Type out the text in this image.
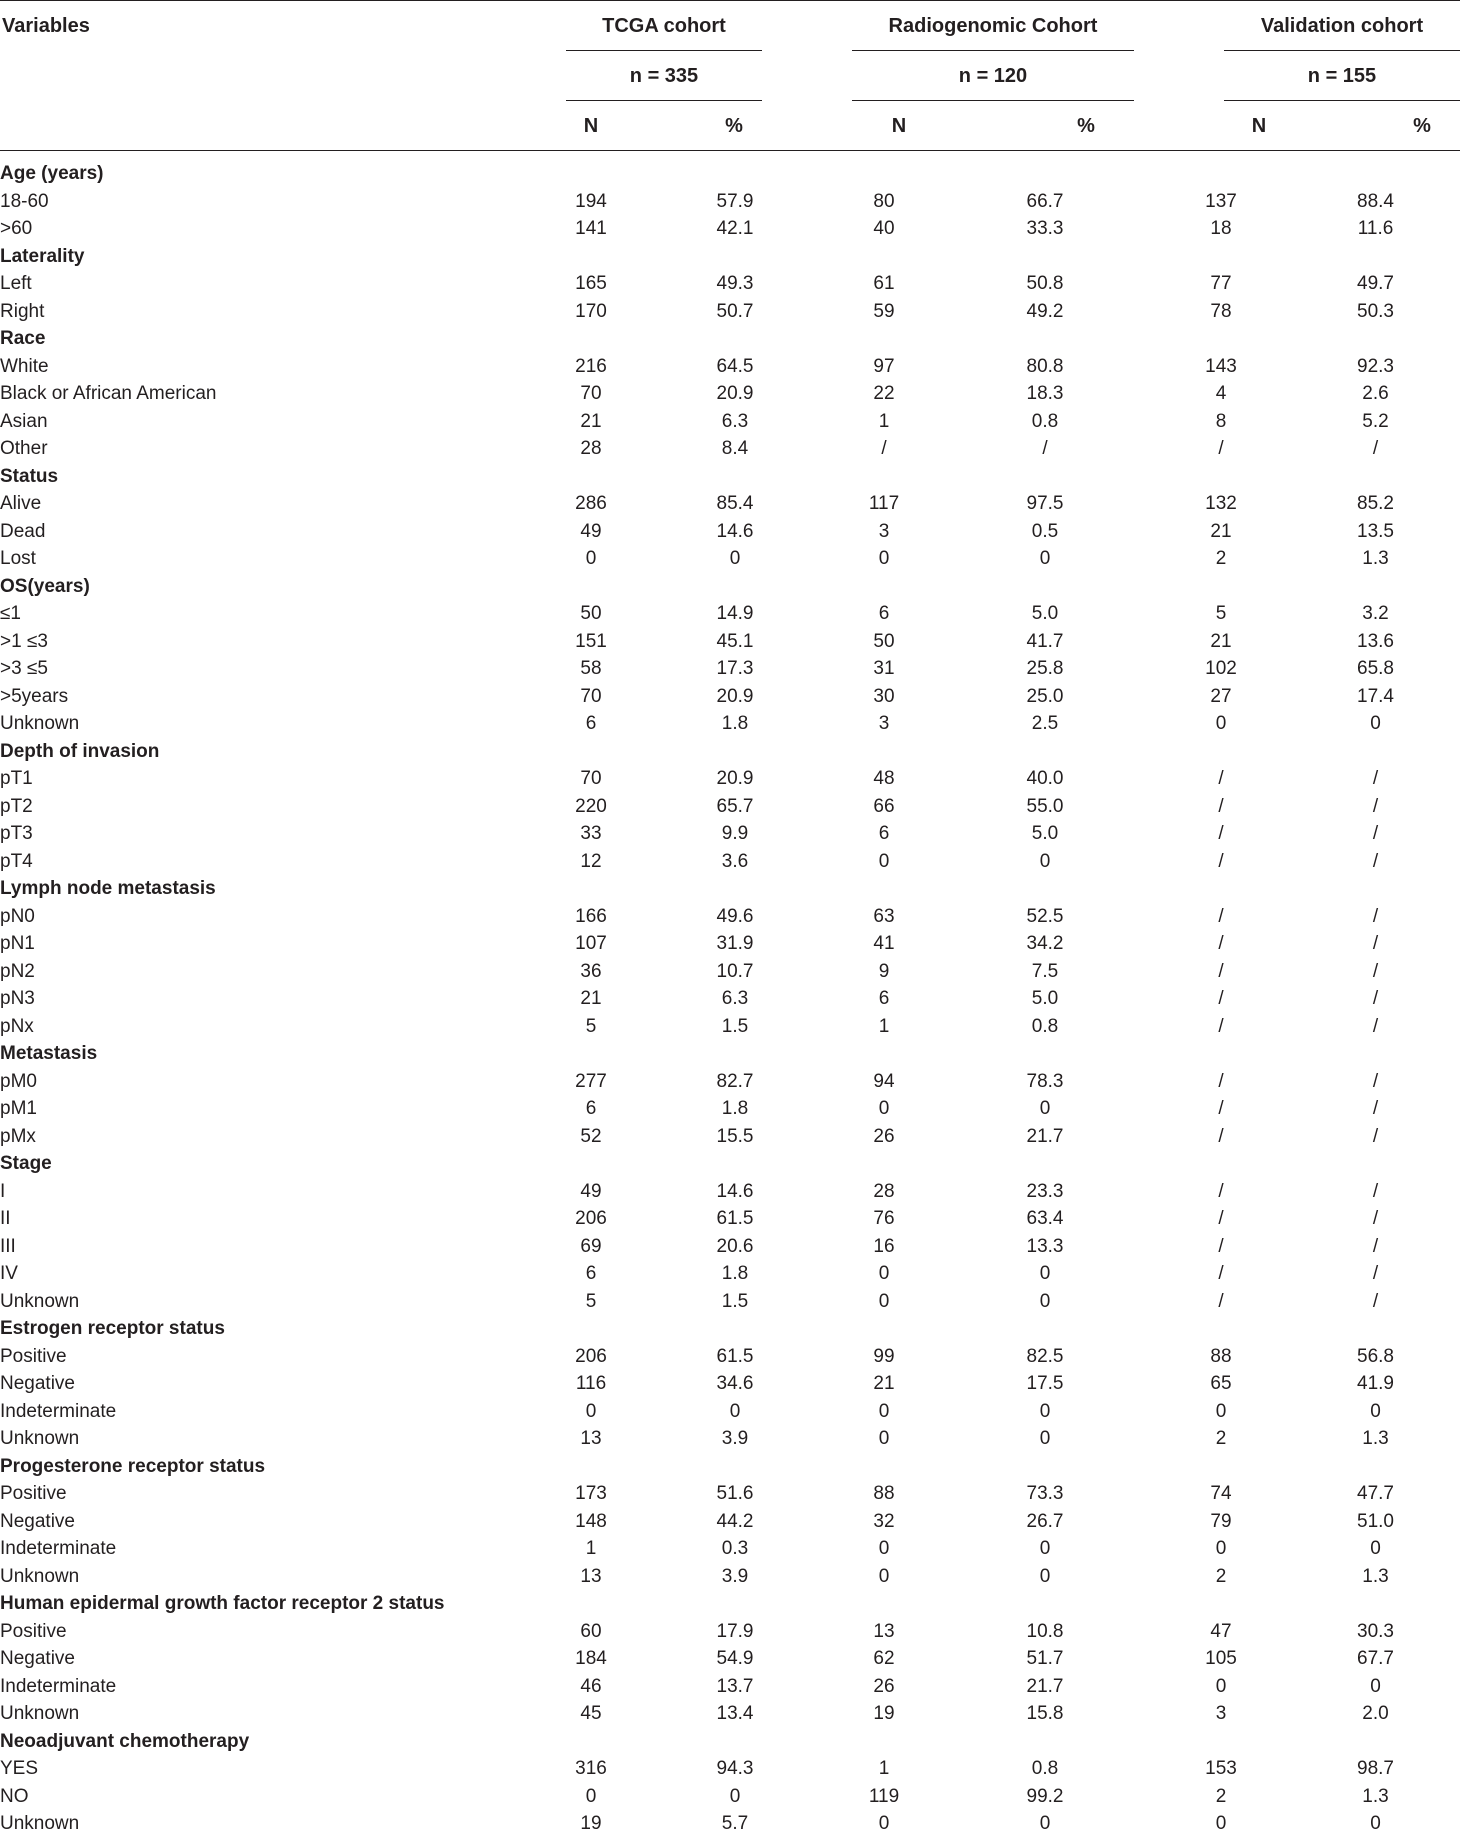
Variables	TCGA cohort	Radiogenomic Cohort	Validation cohort
n = 335	n = 120	n = 155
N	%	N	%	N	%
Age (years)						
18-60	194	57.9	80	66.7	137	88.4
>60	141	42.1	40	33.3	18	11.6
Laterality						
Left	165	49.3	61	50.8	77	49.7
Right	170	50.7	59	49.2	78	50.3
Race						
White	216	64.5	97	80.8	143	92.3
Black or African American	70	20.9	22	18.3	4	2.6
Asian	21	6.3	1	0.8	8	5.2
Other	28	8.4	/	/	/	/
Status						
Alive	286	85.4	117	97.5	132	85.2
Dead	49	14.6	3	0.5	21	13.5
Lost	0	0	0	0	2	1.3
OS(years)						
≤1	50	14.9	6	5.0	5	3.2
>1 ≤3	151	45.1	50	41.7	21	13.6
>3 ≤5	58	17.3	31	25.8	102	65.8
>5years	70	20.9	30	25.0	27	17.4
Unknown	6	1.8	3	2.5	0	0
Depth of invasion						
pT1	70	20.9	48	40.0	/	/
pT2	220	65.7	66	55.0	/	/
pT3	33	9.9	6	5.0	/	/
pT4	12	3.6	0	0	/	/
Lymph node metastasis						
pN0	166	49.6	63	52.5	/	/
pN1	107	31.9	41	34.2	/	/
pN2	36	10.7	9	7.5	/	/
pN3	21	6.3	6	5.0	/	/
pNx	5	1.5	1	0.8	/	/
Metastasis						
pM0	277	82.7	94	78.3	/	/
pM1	6	1.8	0	0	/	/
pMx	52	15.5	26	21.7	/	/
Stage						
I	49	14.6	28	23.3	/	/
II	206	61.5	76	63.4	/	/
III	69	20.6	16	13.3	/	/
IV	6	1.8	0	0	/	/
Unknown	5	1.5	0	0	/	/
Estrogen receptor status						
Positive	206	61.5	99	82.5	88	56.8
Negative	116	34.6	21	17.5	65	41.9
Indeterminate	0	0	0	0	0	0
Unknown	13	3.9	0	0	2	1.3
Progesterone receptor status						
Positive	173	51.6	88	73.3	74	47.7
Negative	148	44.2	32	26.7	79	51.0
Indeterminate	1	0.3	0	0	0	0
Unknown	13	3.9	0	0	2	1.3
Human epidermal growth factor receptor 2 status						
Positive	60	17.9	13	10.8	47	30.3
Negative	184	54.9	62	51.7	105	67.7
Indeterminate	46	13.7	26	21.7	0	0
Unknown	45	13.4	19	15.8	3	2.0
Neoadjuvant chemotherapy						
YES	316	94.3	1	0.8	153	98.7
NO	0	0	119	99.2	2	1.3
Unknown	19	5.7	0	0	0	0
